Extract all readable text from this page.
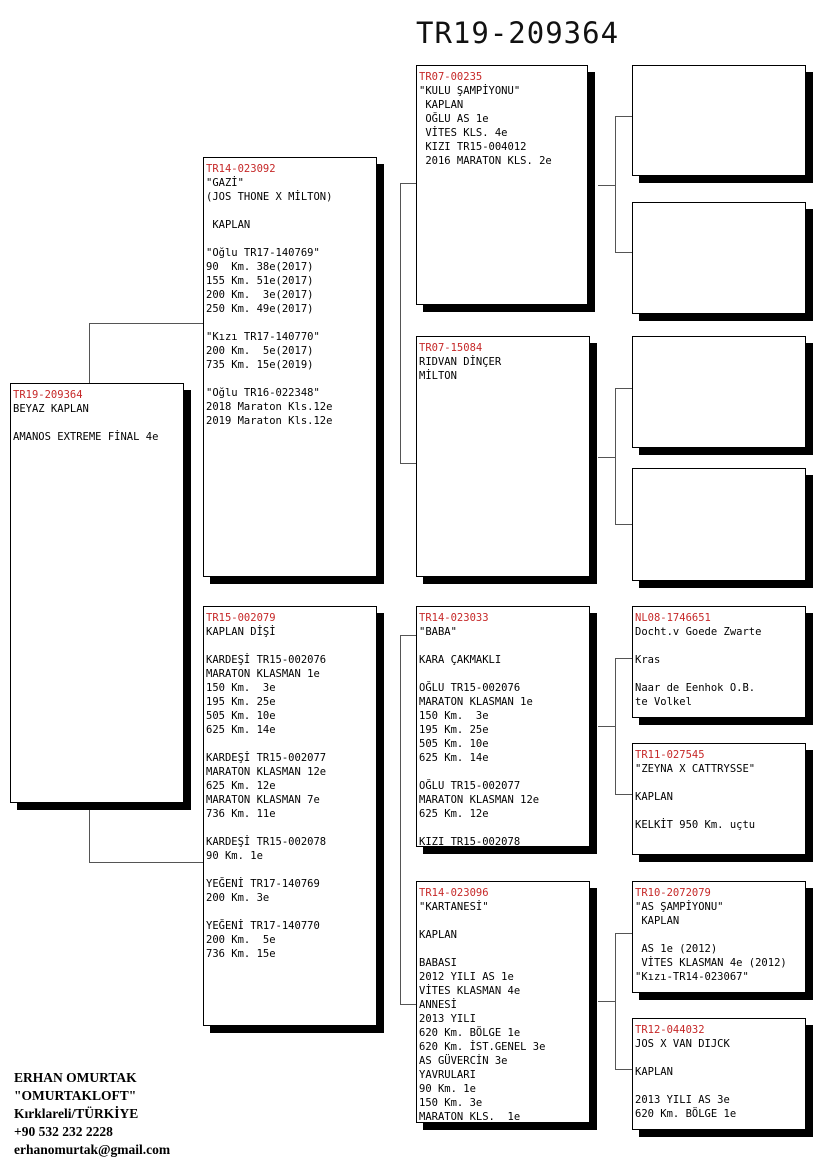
TR19-209364
TR19-209364
BEYAZ KAPLAN
AMANOS EXTREME FİNAL 4e
TR14-023092
"GAZİ"
(JOS THONE X MİLTON)
KAPLAN
"Oğlu TR17-140769"
90  Km. 38e(2017)
155 Km. 51e(2017)
200 Km.  3e(2017)
250 Km. 49e(2017)
"Kızı TR17-140770"
200 Km.  5e(2017)
735 Km. 15e(2019)
"Oğlu TR16-022348"
2018 Maraton Kls.12e
2019 Maraton Kls.12e
TR15-002079
KAPLAN DİŞİ
KARDEŞİ TR15-002076
MARATON KLASMAN 1e
150 Km.  3e
195 Km. 25e
505 Km. 10e
625 Km. 14e
KARDEŞİ TR15-002077
MARATON KLASMAN 12e
625 Km. 12e
MARATON KLASMAN 7e
736 Km. 11e
KARDEŞİ TR15-002078
90 Km. 1e
YEĞENİ TR17-140769
200 Km. 3e
YEĞENİ TR17-140770
200 Km.  5e
736 Km. 15e
TR07-00235
"KULU ŞAMPİYONU"
KAPLAN
OĞLU AS 1e
VİTES KLS. 4e
KIZI TR15-004012
2016 MARATON KLS. 2e
TR07-15084
RIDVAN DİNÇER
MİLTON
TR14-023033
"BABA"
KARA ÇAKMAKLI
OĞLU TR15-002076
MARATON KLASMAN 1e
150 Km.  3e
195 Km. 25e
505 Km. 10e
625 Km. 14e
OĞLU TR15-002077
MARATON KLASMAN 12e
625 Km. 12e
KIZI TR15-002078
TR14-023096
"KARTANESİ"
KAPLAN
BABASI
2012 YILI AS 1e
VİTES KLASMAN 4e
ANNESİ
2013 YILI
620 Km. BÖLGE 1e
620 Km. İST.GENEL 3e
AS GÜVERCİN 3e
YAVRULARI
90 Km. 1e
150 Km. 3e
MARATON KLS.  1e
NL08-1746651
Docht.v Goede Zwarte
Kras
Naar de Eenhok O.B.
te Volkel
TR11-027545
"ZEYNA X CATTRYSSE"
KAPLAN
KELKİT 950 Km. uçtu
TR10-2072079
"AS ŞAMPİYONU"
KAPLAN
AS 1e (2012)
VİTES KLASMAN 4e (2012)
"Kızı-TR14-023067"
TR12-044032
JOS X VAN DIJCK
KAPLAN
2013 YILI AS 3e
620 Km. BÖLGE 1e
ERHAN OMURTAK
"OMURTAKLOFT"
Kırklareli/TÜRKİYE
+90 532 232 2228
erhanomurtak@gmail.com
